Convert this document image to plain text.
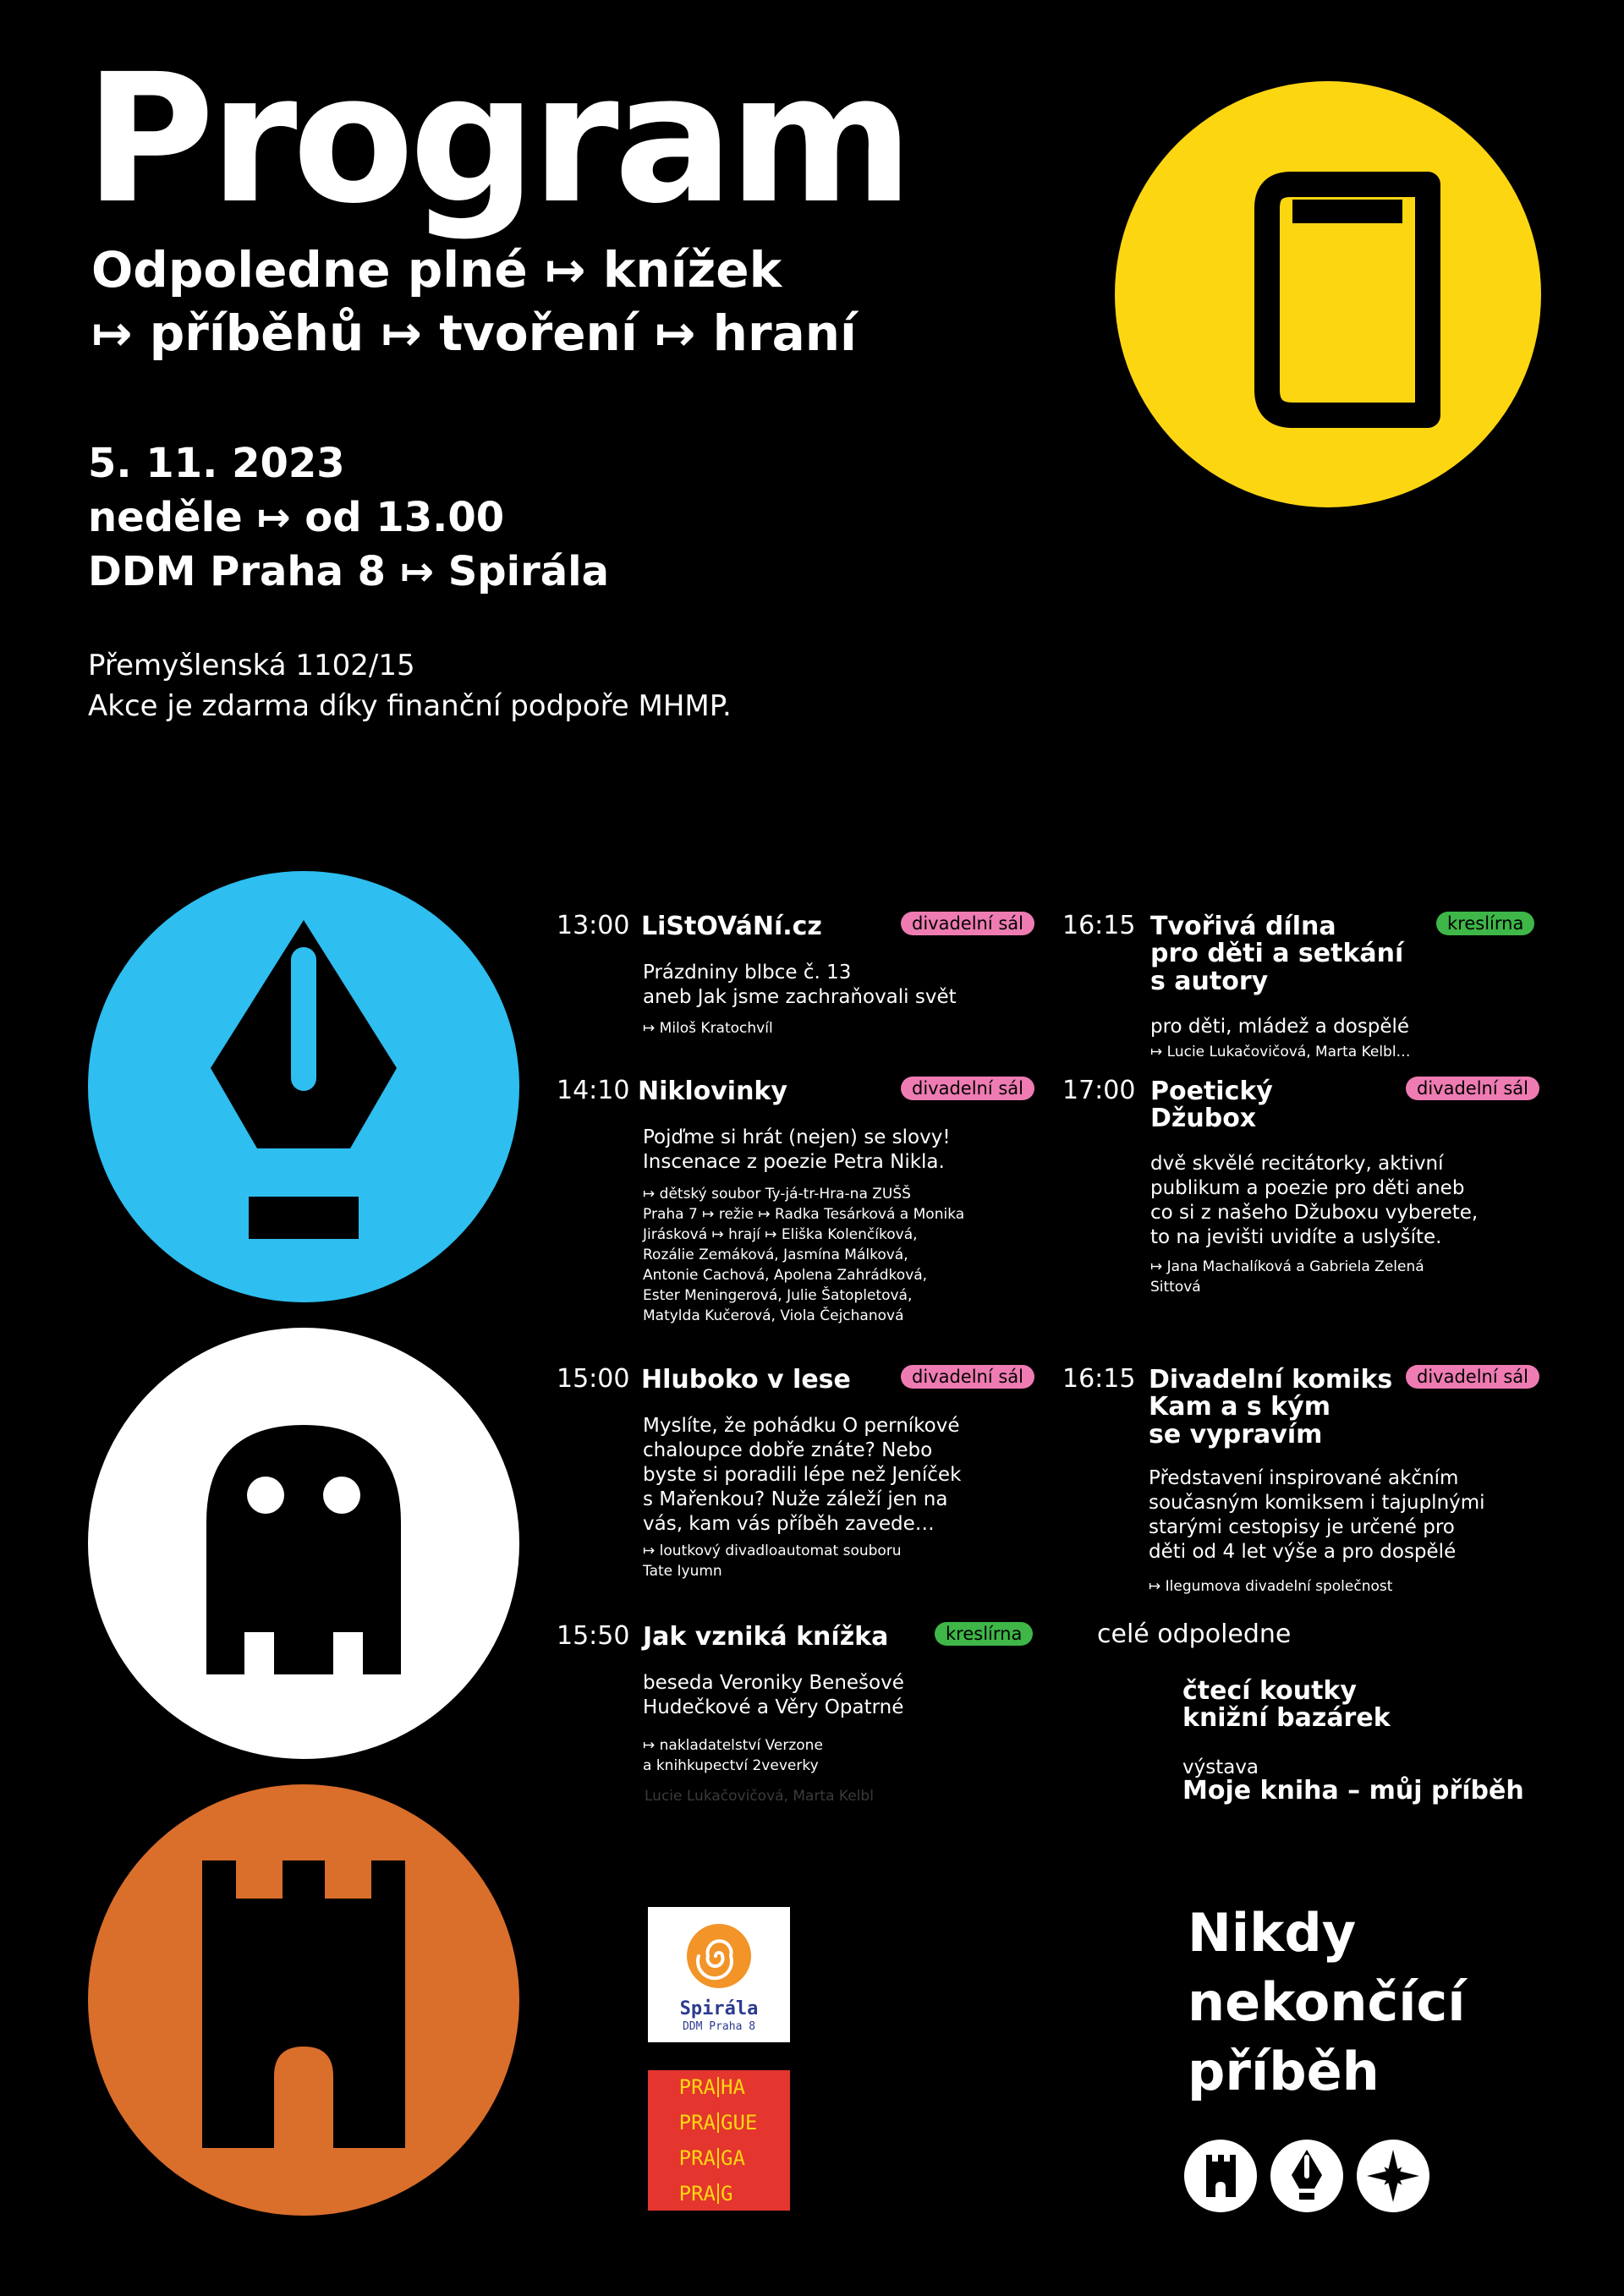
Program
Odpoledne plné ↦ knížek
↦ příběhů ↦ tvoření ↦ hraní
5. 11. 2023
neděle ↦ od 13.00
DDM Praha 8 ↦ Spirála
Přemyšlenská 1102/15
Akce je zdarma díky finanční podpoře MHMP.
13:00 LiStOVáNí.cz	divadelní sál
Prázdniny blbce č. 13
aneb Jak jsme zachraňovali svět
↦ Miloš Kratochvíl
14:10 Niklovinky	divadelní sál
Pojďme si hrát (nejen) se slovy!
Inscenace z poezie Petra Nikla.
↦ dětský soubor Ty-já-tr-Hra-na ZUŠŠ
Praha 7 ↦ režie ↦ Radka Tesárková a Monika
Jirásková ↦ hrají ↦ Eliška Kolenčíková,
Rozálie Zemáková, Jasmína Málková,
Antonie Cachová, Apolena Zahrádková,
Ester Meningerová, Julie Šatopletová,
Matylda Kučerová, Viola Čejchanová
15:00 Hluboko v lese	divadelní sál
Myslíte, že pohádku O perníkové
chaloupce dobře znáte? Nebo
byste si poradili lépe než Jeníček
s Mařenkou? Nuže záleží jen na
vás, kam vás příběh zavede…
↦ loutkový divadloautomat souboru
Tate Iyumn
15:50 Jak vzniká knížka	kreslírna
beseda Veroniky Benešové
Hudečkové a Věry Opatrné
↦ nakladatelství Verzone
a knihkupectví 2veverky
Lucie Lukačovičová, Marta Kelbl
16:15 Tvořivá dílna
pro děti a setkání
s autory
kreslírna
pro děti, mládež a dospělé
↦ Lucie Lukačovičová, Marta Kelbl…
17:00 Poetický
Džubox
divadelní sál
dvě skvělé recitátorky, aktivní
publikum a poezie pro děti aneb
co si z našeho Džuboxu vyberete,
to na jevišti uvidíte a uslyšíte.
↦ Jana Machalíková a Gabriela Zelená
Sittová
16:15 Divadelní komiks
Kam a s kým
se vypravím
divadelní sál
Představení inspirované akčním
současným komiksem i tajuplnými
starými cestopisy je určené pro
děti od 4 let výše a pro dospělé
↦ Ilegumova divadelní společnost
celé odpoledne
čtecí koutky
knižní bazárek
výstava
Moje kniha – můj příběh
Spirála
DDM Praha 8
PRA HA
PRA GUE
PRA GA
PRA G
Nikdy
nekončící
příběh
